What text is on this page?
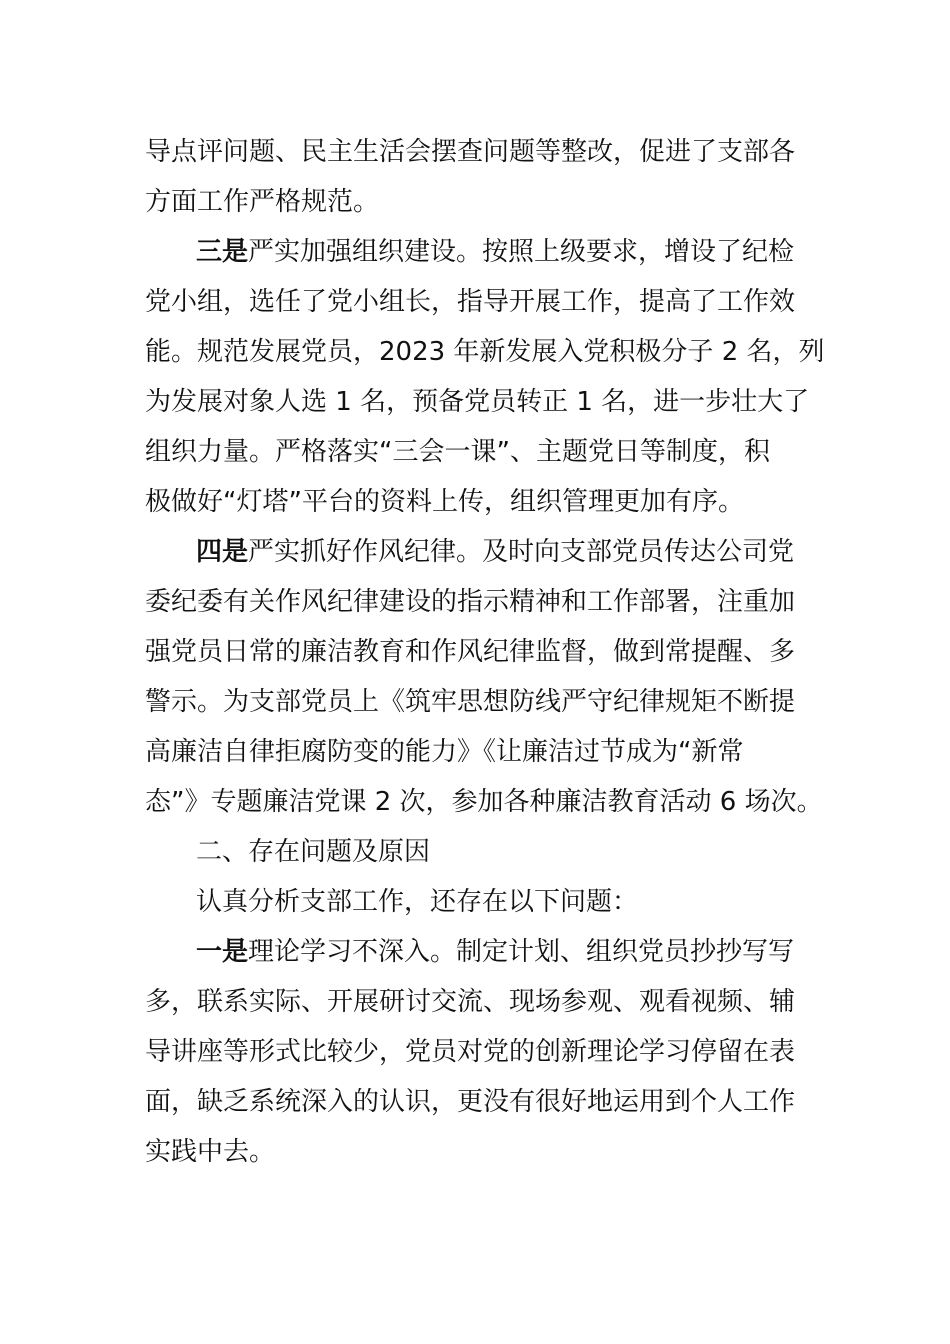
导点评问题、民主生活会摆查问题等整改，促进了支部各
方面工作严格规范。
三是严实加强组织建设。按照上级要求，增设了纪检
党小组，选任了党小组长，指导开展工作，提高了工作效
能。规范发展党员，2023 年新发展入党积极分子 2 名，列
为发展对象人选 1 名，预备党员转正 1 名，进一步壮大了
组织力量。严格落实“三会一课”、主题党日等制度，积
极做好“灯塔”平台的资料上传，组织管理更加有序。
四是严实抓好作风纪律。及时向支部党员传达公司党
委纪委有关作风纪律建设的指示精神和工作部署，注重加
强党员日常的廉洁教育和作风纪律监督，做到常提醒、多
警示。为支部党员上《筑牢思想防线严守纪律规矩不断提
高廉洁自律拒腐防变的能力》《让廉洁过节成为“新常
态”》专题廉洁党课 2 次，参加各种廉洁教育活动 6 场次。
二、存在问题及原因
认真分析支部工作，还存在以下问题：
一是理论学习不深入。制定计划、组织党员抄抄写写
多，联系实际、开展研讨交流、现场参观、观看视频、辅
导讲座等形式比较少，党员对党的创新理论学习停留在表
面，缺乏系统深入的认识，更没有很好地运用到个人工作
实践中去。
